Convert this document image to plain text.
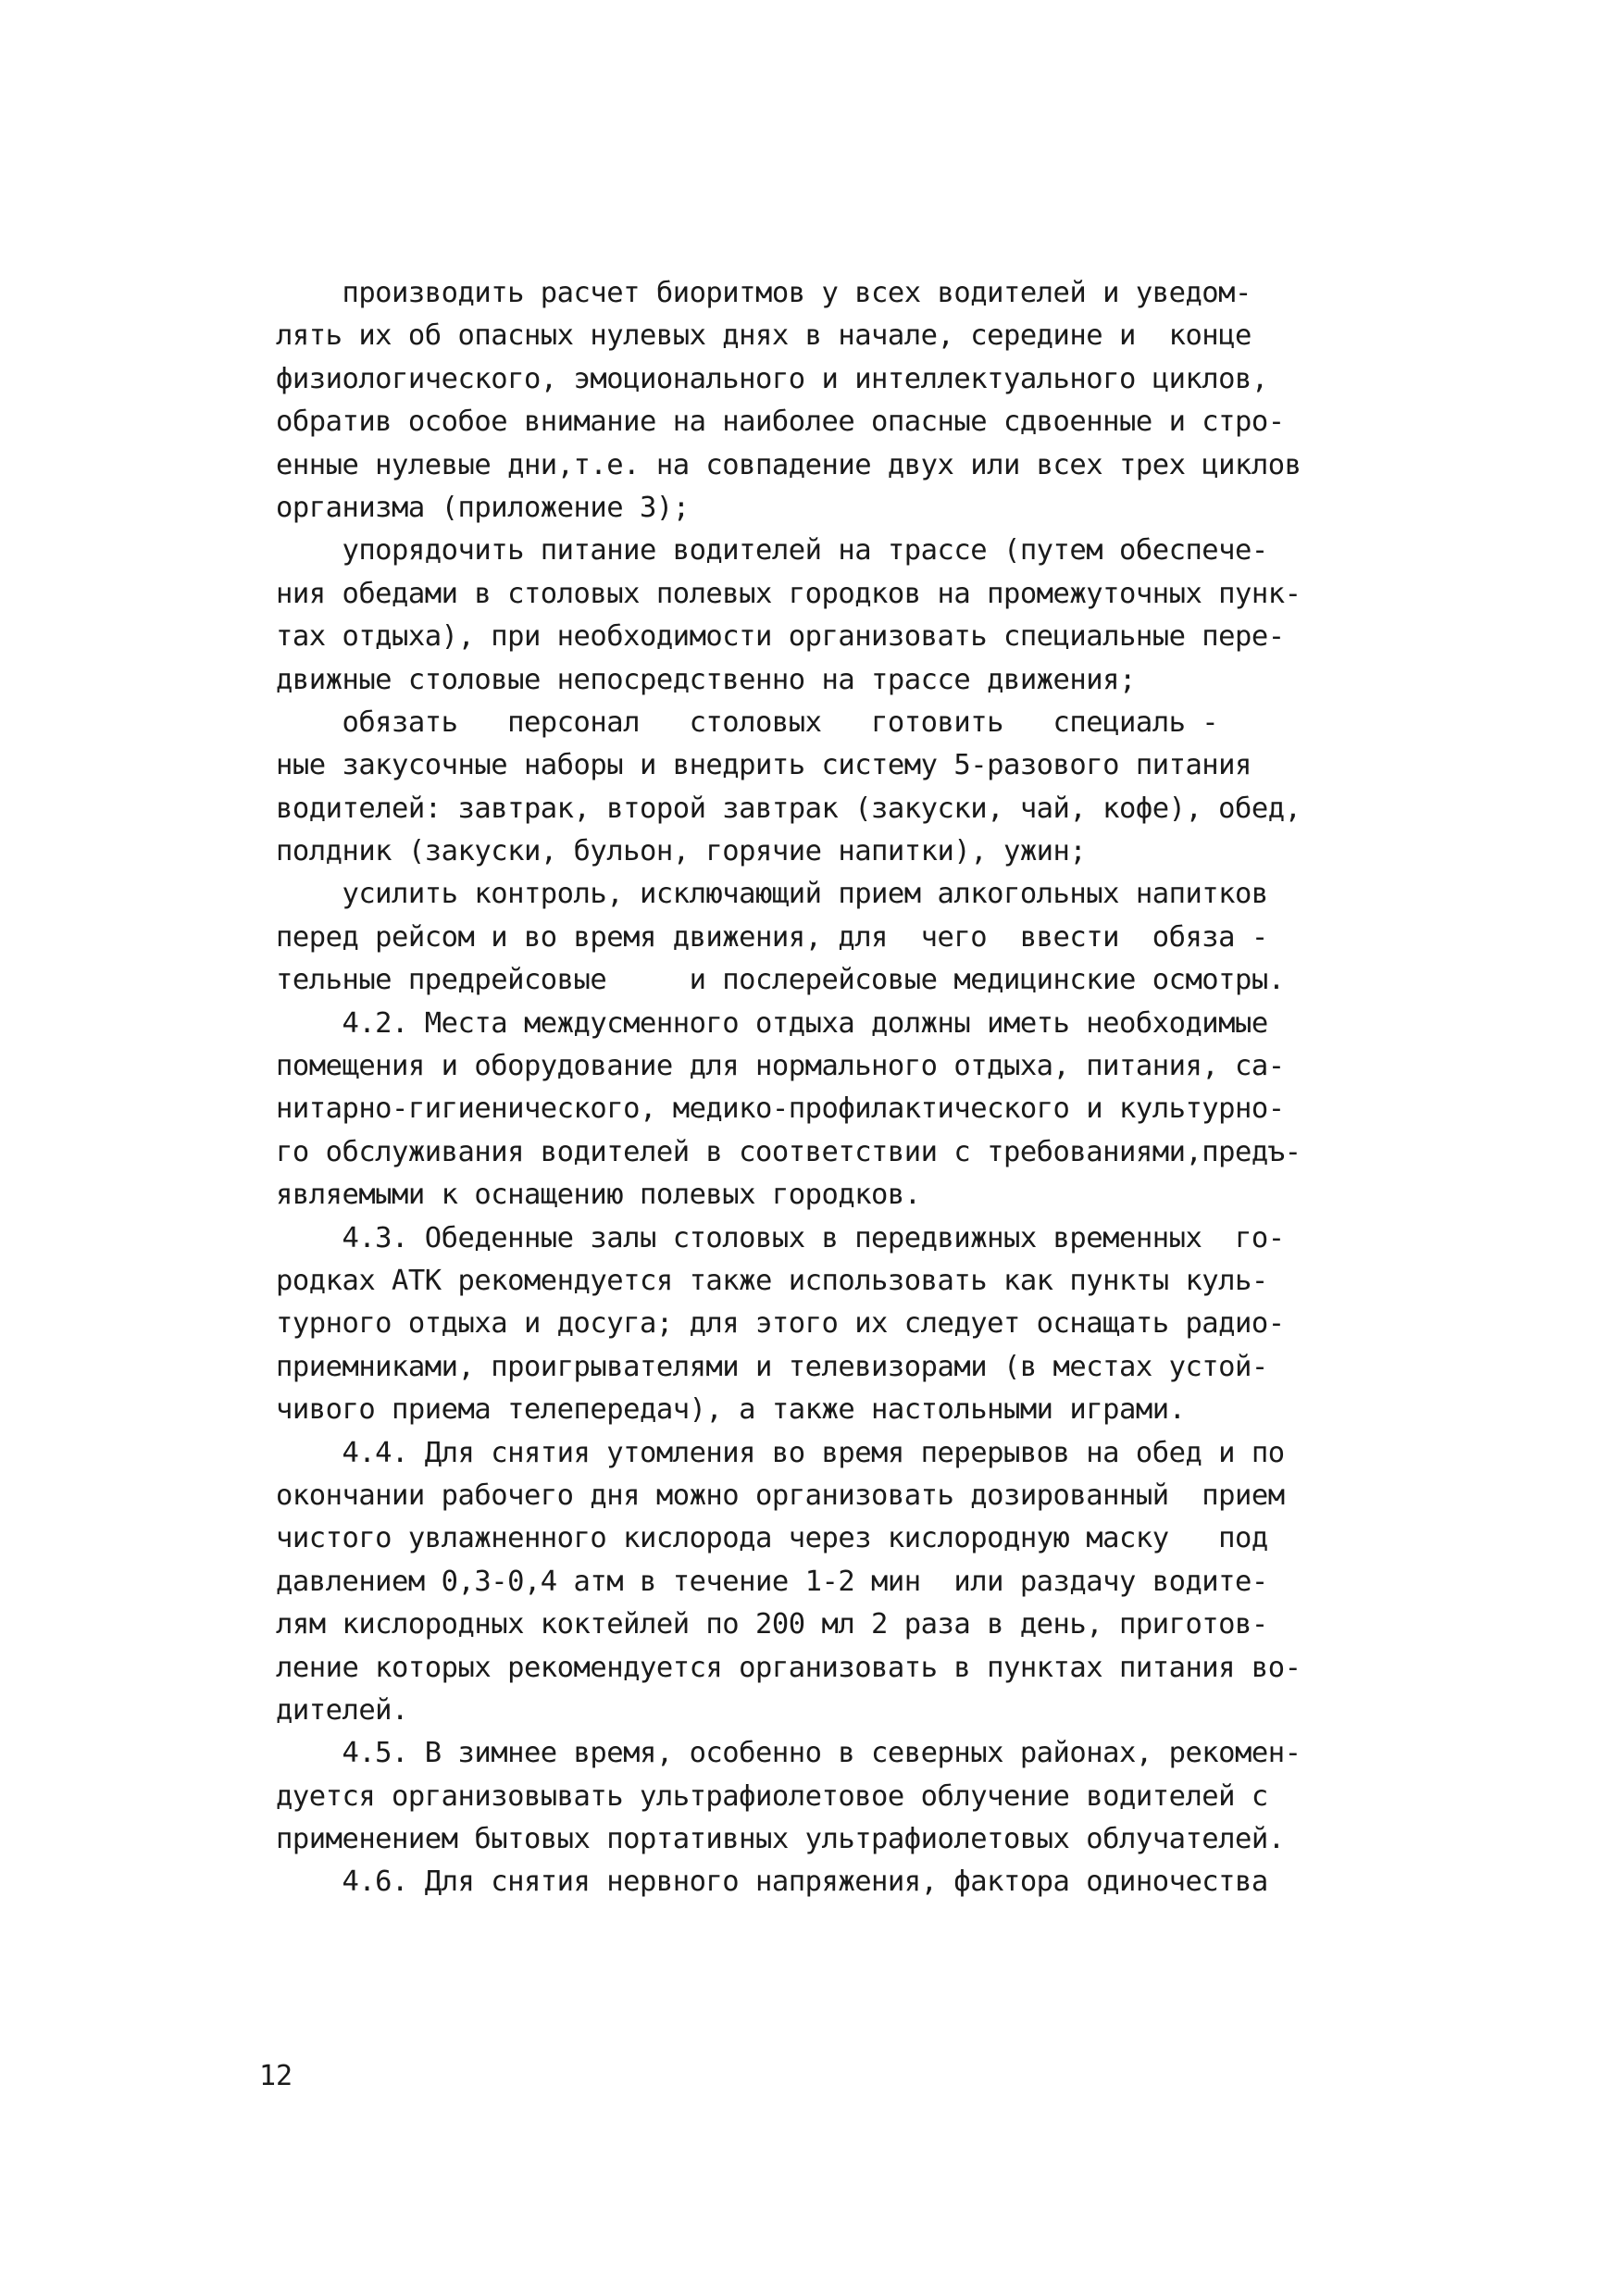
производить расчет биоритмов у всех водителей и уведом-
лять их об опасных нулевых днях в начале, середине и  конце
физиологического, эмоционального и интеллектуального циклов,
обратив особое внимание на наиболее опасные сдвоенные и стро-
енные нулевые дни,т.е. на совпадение двух или всех трех циклов
организма (приложение 3);
упорядочить питание водителей на трассе (путем обеспече-
ния обедами в столовых полевых городков на промежуточных пунк-
тах отдыха), при необходимости организовать специальные пере-
движные столовые непосредственно на трассе движения;
обязать   персонал   столовых   готовить   специаль -
ные закусочные наборы и внедрить систему 5-разового питания
водителей: завтрак, второй завтрак (закуски, чай, кофе), обед,
полдник (закуски, бульон, горячие напитки), ужин;
усилить контроль, исключающий прием алкогольных напитков
перед рейсом и во время движения, для  чего  ввести  обяза -
тельные предрейсовые     и послерейсовые медицинские осмотры.
4.2. Места междусменного отдыха должны иметь необходимые
помещения и оборудование для нормального отдыха, питания, са-
нитарно-гигиенического, медико-профилактического и культурно-
го обслуживания водителей в соответствии с требованиями,предъ-
являемыми к оснащению полевых городков.
4.3. Обеденные залы столовых в передвижных временных  го-
родках АТК рекомендуется также использовать как пункты куль-
турного отдыха и досуга; для этого их следует оснащать радио-
приемниками, проигрывателями и телевизорами (в местах устой-
чивого приема телепередач), а также настольными играми.
4.4. Для снятия утомления во время перерывов на обед и по
окончании рабочего дня можно организовать дозированный  прием
чистого увлажненного кислорода через кислородную маску   под
давлением 0,3-0,4 атм в течение 1-2 мин  или раздачу водите-
лям кислородных коктейлей по 200 мл 2 раза в день, приготов-
ление которых рекомендуется организовать в пунктах питания во-
дителей.
4.5. В зимнее время, особенно в северных районах, рекомен-
дуется организовывать ультрафиолетовое облучение водителей с
применением бытовых портативных ультрафиолетовых облучателей.
4.6. Для снятия нервного напряжения, фактора одиночества
12
